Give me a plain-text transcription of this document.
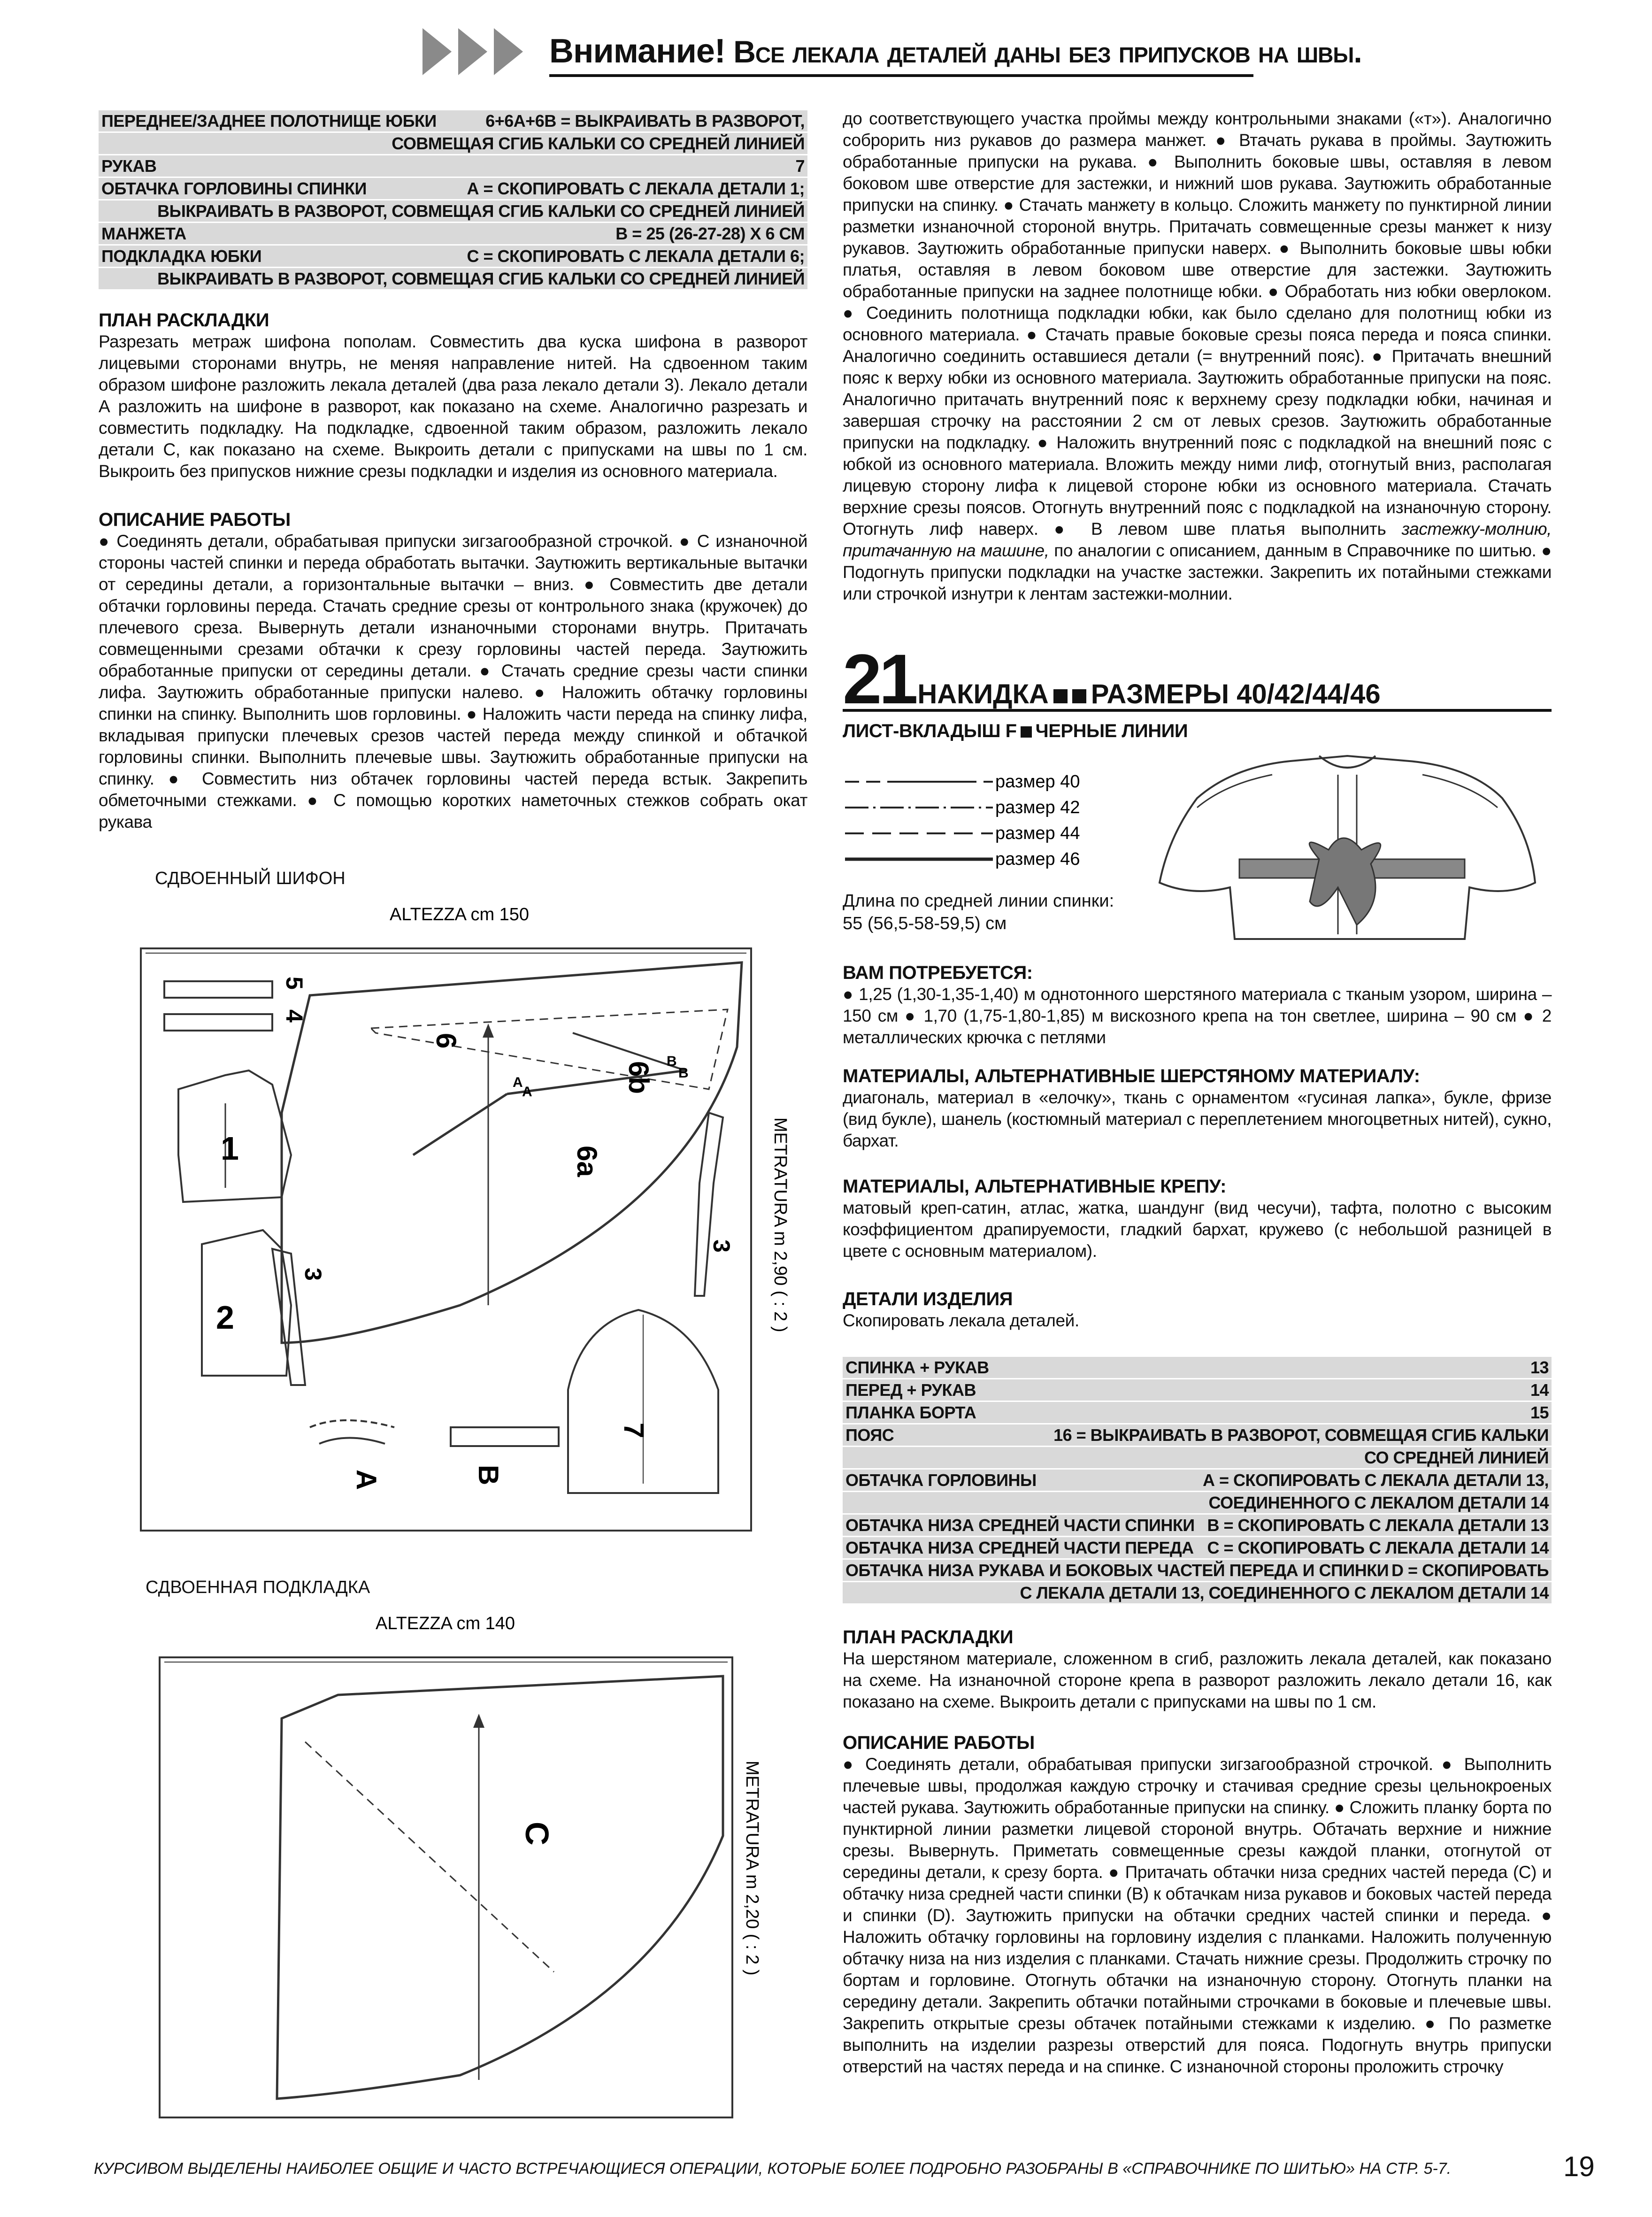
Внимание! Все лекала деталей даны без припусков на швы.
ПЕРЕДНЕЕ/ЗАДНЕЕ ПОЛОТНИЩЕ ЮБКИ	6+6А+6В = ВЫКРАИВАТЬ В РАЗВОРОТ,
СОВМЕЩАЯ СГИБ КАЛЬКИ СО СРЕДНЕЙ ЛИНИЕЙ
РУКАВ	7
ОБТАЧКА ГОРЛОВИНЫ СПИНКИ	А = СКОПИРОВАТЬ С ЛЕКАЛА ДЕТАЛИ 1;
ВЫКРАИВАТЬ В РАЗВОРОТ, СОВМЕЩАЯ СГИБ КАЛЬКИ СО СРЕДНЕЙ ЛИНИЕЙ
МАНЖЕТА	В = 25 (26-27-28) Х 6 СМ
ПОДКЛАДКА ЮБКИ	С = СКОПИРОВАТЬ С ЛЕКАЛА ДЕТАЛИ 6;
ВЫКРАИВАТЬ В РАЗВОРОТ, СОВМЕЩАЯ СГИБ КАЛЬКИ СО СРЕДНЕЙ ЛИНИЕЙ
ПЛАН РАСКЛАДКИ
Разрезать метраж шифона пополам. Совместить два куска шифона в разворот лицевыми сторонами внутрь, не меняя направление нитей. На сдвоенном таким образом шифоне разложить лекала деталей (два раза лекало детали 3). Лекало детали А разложить на шифоне в разворот, как показано на схеме. Аналогично разрезать и совместить подкладку. На подкладке, сдвоенной таким образом, разложить лекало детали С, как показано на схеме. Выкроить детали с припусками на швы по 1 см. Выкроить без припусков нижние срезы подкладки и изделия из основного материала.
ОПИСАНИЕ РАБОТЫ
● Соединять детали, обрабатывая припуски зигзагообразной строчкой. ● С изнаночной стороны частей спинки и переда обработать вытачки. Заутюжить вертикальные вытачки от середины детали, а горизонтальные вытачки – вниз. ● Совместить две детали обтачки горловины переда. Стачать средние срезы от контрольного знака (кружочек) до плечевого среза. Вывернуть детали изнаночными сторонами внутрь. Притачать совмещенными срезами обтачки к срезу горловины частей переда. Заутюжить обработанные припуски от середины детали. ● Стачать средние срезы части спинки лифа. Заутюжить обработанные припуски налево. ● Наложить обтачку горловины спинки на спинку. Выполнить шов горловины. ● Наложить части переда на спинку лифа, вкладывая припуски плечевых срезов частей переда между спинкой и обтачкой горловины спинки. Выполнить плечевые швы. Заутюжить обработанные припуски на спинку. ● Совместить низ обтачек горловины частей переда встык. Закрепить обметочными стежками. ● С помощью коротких наметочных стежков собрать окат рукава
СДВОЕННЫЙ ШИФОН
ALTEZZA cm 150
METRATURA m 2,90 ( : 2 )
6
6b
6a
A
A
B
B
5
4
1
2
3
3
7
B
A
СДВОЕННАЯ ПОДКЛАДКА
ALTEZZA cm 140
METRATURA m 2,20 ( : 2 )
C
до соответствующего участка проймы между контрольными знаками («т»). Аналогично соброрить низ рукавов до размера манжет. ● Втачать рукава в проймы. Заутюжить обработанные припуски на рукава. ● Выполнить боковые швы, оставляя в левом боковом шве отверстие для застежки, и нижний шов рукава. Заутюжить обработанные припуски на спинку. ● Стачать манжету в кольцо. Сложить манжету по пунктирной линии разметки изнаночной стороной внутрь. Притачать совмещенные срезы манжет к низу рукавов. Заутюжить обработанные припуски наверх. ● Выполнить боковые швы юбки платья, оставляя в левом боковом шве отверстие для застежки. Заутюжить обработанные припуски на заднее полотнище юбки. ● Обработать низ юбки оверлоком. ● Соединить полотнища подкладки юбки, как было сделано для полотнищ юбки из основного материала. ● Стачать правые боковые срезы пояса переда и пояса спинки. Аналогично соединить оставшиеся детали (= внутренний пояс). ● Притачать внешний пояс к верху юбки из основного материала. Заутюжить обработанные припуски на пояс. Аналогично притачать внутренний пояс к верхнему срезу подкладки юбки, начиная и завершая строчку на расстоянии 2 см от левых срезов. Заутюжить обработанные припуски на подкладку. ● Наложить внутренний пояс с подкладкой на внешний пояс с юбкой из основного материала. Вложить между ними лиф, отогнутый вниз, располагая лицевую сторону лифа к лицевой стороне юбки из основного материала. Стачать верхние срезы поясов. Отогнуть внутренний пояс с подкладкой на изнаночную сторону. Отогнуть лиф наверх. ● В левом шве платья выполнить застежку-молнию, притачанную на машине, по аналогии с описанием, данным в Справочнике по шитью. ● Подогнуть припуски подкладки на участке застежки. Закрепить их потайными стежками или строчкой изнутри к лентам застежки-молнии.
21 НАКИДКА РАЗМЕРЫ 40/42/44/46
ЛИСТ-ВКЛАДЫШ F ЧЕРНЫЕ ЛИНИИ
размер 40
размер 42
размер 44
размер 46
Длина по средней линии спинки:
55 (56,5-58-59,5) см
ВАМ ПОТРЕБУЕТСЯ:
● 1,25 (1,30-1,35-1,40) м однотонного шерстяного материала с тканым узором, ширина – 150 см ● 1,70 (1,75-1,80-1,85) м вискозного крепа на тон светлее, ширина – 90 см ● 2 металлических крючка с петлями
МАТЕРИАЛЫ, АЛЬТЕРНАТИВНЫЕ ШЕРСТЯНОМУ МАТЕРИАЛУ:
диагональ, материал в «елочку», ткань с орнаментом «гусиная лапка», букле, фризе (вид букле), шанель (костюмный материал с переплетением многоцветных нитей), сукно, бархат.
МАТЕРИАЛЫ, АЛЬТЕРНАТИВНЫЕ КРЕПУ:
матовый креп-сатин, атлас, жатка, шандунг (вид чесучи), тафта, полотно с высоким коэффициентом драпируемости, гладкий бархат, кружево (с небольшой разницей в цвете с основным материалом).
ДЕТАЛИ ИЗДЕЛИЯ
Скопировать лекала деталей.
СПИНКА + РУКАВ	13
ПЕРЕД + РУКАВ	14
ПЛАНКА БОРТА	15
ПОЯС	16 = ВЫКРАИВАТЬ В РАЗВОРОТ, СОВМЕЩАЯ СГИБ КАЛЬКИ
СО СРЕДНЕЙ ЛИНИЕЙ
ОБТАЧКА ГОРЛОВИНЫ	А = СКОПИРОВАТЬ С ЛЕКАЛА ДЕТАЛИ 13,
СОЕДИНЕННОГО С ЛЕКАЛОМ ДЕТАЛИ 14
ОБТАЧКА НИЗА СРЕДНЕЙ ЧАСТИ СПИНКИ В = СКОПИРОВАТЬ С ЛЕКАЛА ДЕТАЛИ 13
ОБТАЧКА НИЗА СРЕДНЕЙ ЧАСТИ ПЕРЕДА С = СКОПИРОВАТЬ С ЛЕКАЛА ДЕТАЛИ 14
ОБТАЧКА НИЗА РУКАВА И БОКОВЫХ ЧАСТЕЙ ПЕРЕДА И СПИНКИ D = СКОПИРОВАТЬ
С ЛЕКАЛА ДЕТАЛИ 13, СОЕДИНЕННОГО С ЛЕКАЛОМ ДЕТАЛИ 14
ПЛАН РАСКЛАДКИ
На шерстяном материале, сложенном в сгиб, разложить лекала деталей, как показано на схеме. На изнаночной стороне крепа в разворот разложить лекало детали 16, как показано на схеме. Выкроить детали с припусками на швы по 1 см.
ОПИСАНИЕ РАБОТЫ
● Соединять детали, обрабатывая припуски зигзагообразной строчкой. ● Выполнить плечевые швы, продолжая каждую строчку и стачивая средние срезы цельнокроеных частей рукава. Заутюжить обработанные припуски на спинку. ● Сложить планку борта по пунктирной линии разметки лицевой стороной внутрь. Обтачать верхние и нижние срезы. Вывернуть. Приметать совмещенные срезы каждой планки, отогнутой от середины детали, к срезу борта. ● Притачать обтачки низа средних частей переда (С) и обтачку низа средней части спинки (В) к обтачкам низа рукавов и боковых частей переда и спинки (D). Заутюжить припуски на обтачки средних частей спинки и переда. ● Наложить обтачку горловины на горловину изделия с планками. Наложить полученную обтачку низа на низ изделия с планками. Стачать нижние срезы. Продолжить строчку по бортам и горловине. Отогнуть обтачки на изнаночную сторону. Отогнуть планки на середину детали. Закрепить обтачки потайными строчками в боковые и плечевые швы. Закрепить открытые срезы обтачек потайными стежками к изделию. ● По разметке выполнить на изделии разрезы отверстий для пояса. Подогнуть внутрь припуски отверстий на частях переда и на спинке. С изнаночной стороны проложить строчку
КУРСИВОМ ВЫДЕЛЕНЫ НАИБОЛЕЕ ОБЩИЕ И ЧАСТО ВСТРЕЧАЮЩИЕСЯ ОПЕРАЦИИ, КОТОРЫЕ БОЛЕЕ ПОДРОБНО РАЗОБРАНЫ В «СПРАВОЧНИКЕ ПО ШИТЬЮ» НА СТР. 5-7.	19
